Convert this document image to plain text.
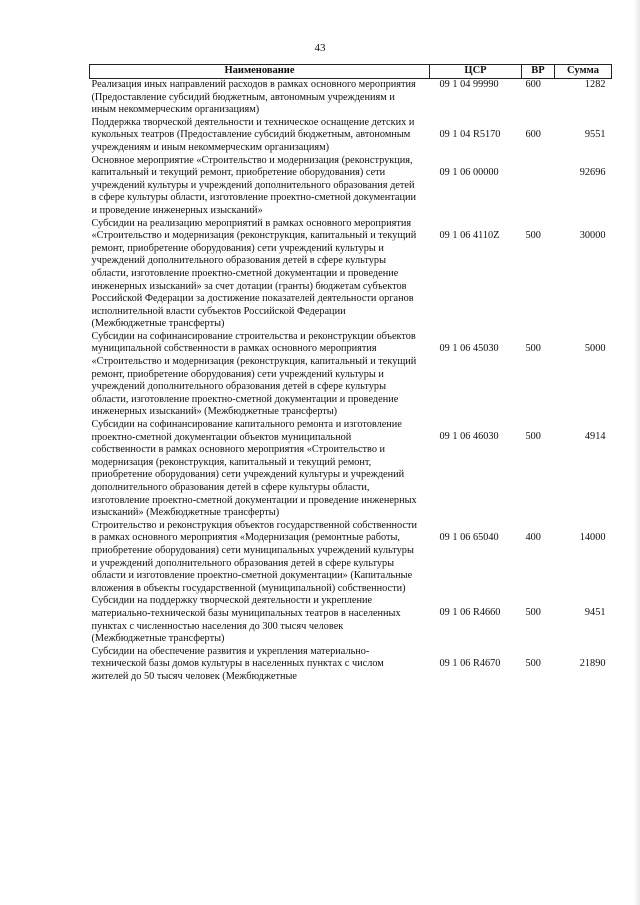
43
Наименование	ЦСР	ВР	Сумма
Реализация иных направлений расходов в рамках основного мероприятия (Предоставление субсидий бюджетным, автономным учреждениям и иным некоммерческим организациям)	09 1 04 99990	600	1282
Поддержка творческой деятельности и техническое оснащение детских и кукольных театров (Предоставление субсидий бюджетным, автономным учреждениям и иным некоммерческим организациям)	09 1 04 R5170	600	9551
Основное мероприятие «Строительство и модернизация (реконструкция, капитальный и текущий ремонт, приобретение оборудования) сети учреждений культуры и учреждений дополнительного образования детей в сфере культуры области, изготовление проектно-сметной документации и проведение инженерных изысканий»	09 1 06 00000		92696
Субсидии на реализацию мероприятий в рамках основного мероприятия «Строительство и модернизация (реконструкция, капитальный и текущий ремонт, приобретение оборудования) сети учреждений культуры и учреждений дополнительного образования детей в сфере культуры области, изготовление проектно-сметной документации и проведение инженерных изысканий» за счет дотации (гранты) бюджетам субъектов Российской Федерации за достижение показателей деятельности органов исполнительной власти субъектов Российской Федерации (Межбюджетные трансферты)	09 1 06 4110Z	500	30000
Субсидии на софинансирование строительства и реконструкции объектов муниципальной собственности в рамках основного мероприятия «Строительство и модернизация (реконструкция, капитальный и текущий ремонт, приобретение оборудования) сети учреждений культуры и учреждений дополнительного образования детей в сфере культуры области, изготовление проектно-сметной документации и проведение инженерных изысканий» (Межбюджетные трансферты)	09 1 06 45030	500	5000
Субсидии на софинансирование капитального ремонта и изготовление проектно-сметной документации объектов муниципальной собственности в рамках основного мероприятия «Строительство и модернизация (реконструкция, капитальный и текущий ремонт, приобретение оборудования) сети учреждений культуры и учреждений дополнительного образования детей в сфере культуры области, изготовление проектно-сметной документации и проведение инженерных изысканий» (Межбюджетные трансферты)	09 1 06 46030	500	4914
Строительство и реконструкция объектов государственной собственности в рамках основного мероприятия «Модернизация (ремонтные работы, приобретение оборудования) сети муниципальных учреждений культуры и учреждений дополнительного образования детей в сфере культуры области и изготовление проектно-сметной документации» (Капитальные вложения в объекты государственной (муниципальной) собственности)	09 1 06 65040	400	14000
Субсидии на поддержку творческой деятельности и укрепление материально-технической базы муниципальных театров в населенных пунктах с численностью населения до 300 тысяч человек (Межбюджетные трансферты)	09 1 06 R4660	500	9451
Субсидии на обеспечение развития и укрепления материально-технической базы домов культуры в населенных пунктах с числом жителей до 50 тысяч человек (Межбюджетные	09 1 06 R4670	500	21890
